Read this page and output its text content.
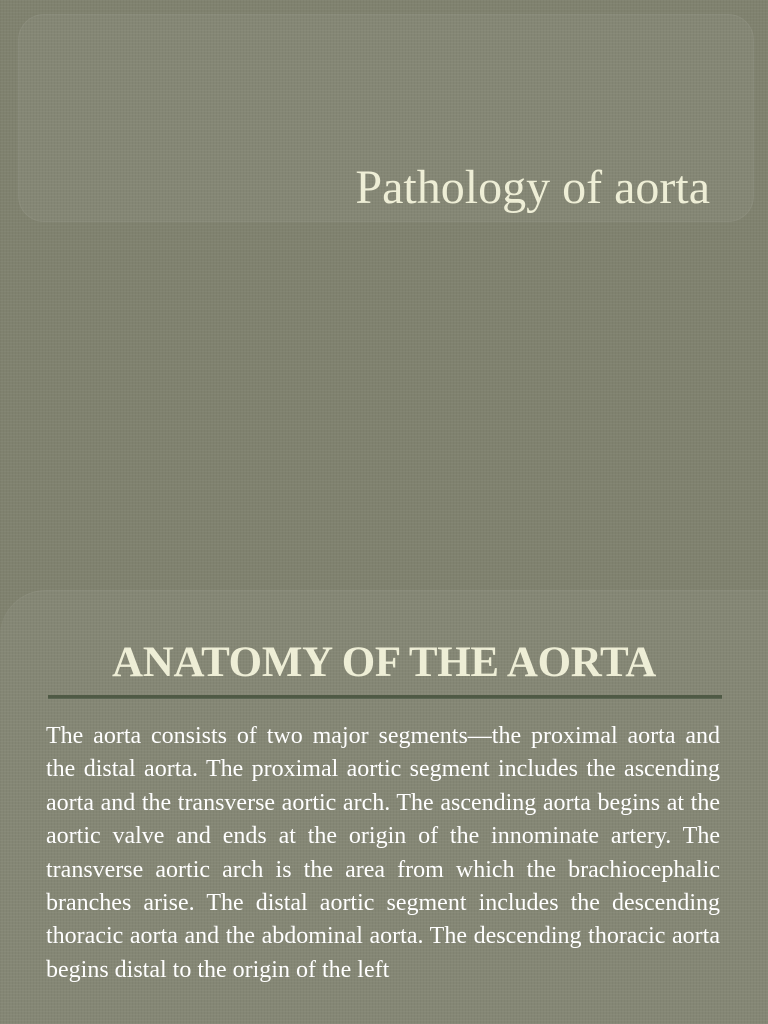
Pathology of aorta
ANATOMY OF THE AORTA

The aorta consists of two major segments—the proximal aorta and the distal aorta. The proximal aortic segment includes the ascending aorta and the transverse aortic arch. The ascending aorta begins at the aortic valve and ends at the origin of the innominate artery. The transverse aortic arch is the area from which the brachiocephalic branches arise. The distal aortic segment includes the descending thoracic aorta and the abdominal aorta. The descending thoracic aorta begins distal to the origin of the left
